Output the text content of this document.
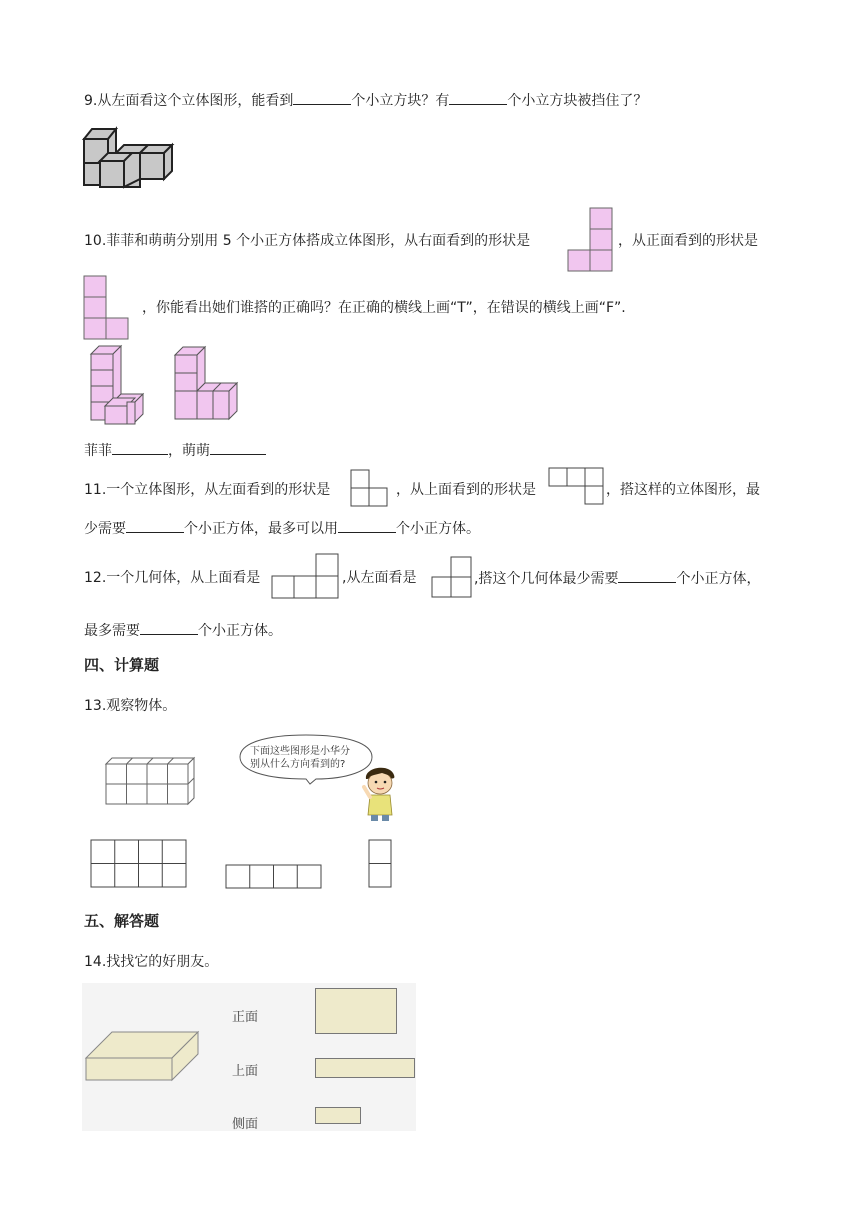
9.从左面看这个立体图形，能看到	个小立方块？有	个小立方块被挡住了？
10.菲菲和萌萌分别用 5 个小正方体搭成立体图形，从右面看到的形状是	，从正面看到的形状是
，你能看出她们谁搭的正确吗？在正确的横线上画“T”，在错误的横线上画“F”.
菲菲	，萌萌
11.一个立体图形，从左面看到的形状是	，从上面看到的形状是	，搭这样的立体图形，最
少需要	个小正方体，最多可以用	个小正方体。
12.一个几何体，从上面看是	,从左面看是	,搭这个几何体最少需要	个小正方体，
最多需要	个小正方体。
四、计算题
13.观察物体。
下面这些图形是小华分
别从什么方向看到的?
五、解答题
14.找找它的好朋友。
正面
上面
侧面
